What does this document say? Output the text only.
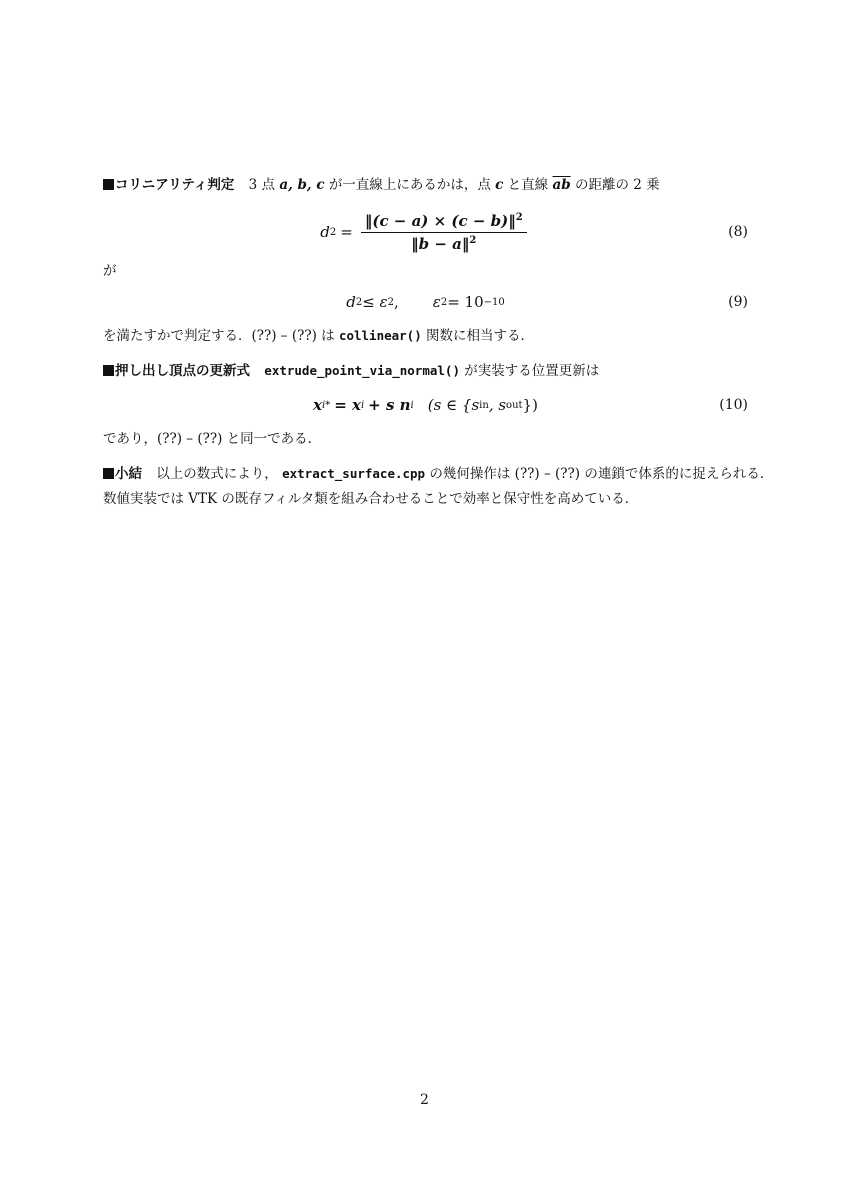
コリニアリティ判定 3 点 a, b, c が一直線上にあるかは，点 c と直線 $\overline{ab}$ の距離の 2 乗
d $2 = \frac{‖(c - a) \times (c - b)‖^2}{‖b - a‖^2}$	(8)
が
d 2 ≤ ε 2 , ε 2 = 10 −10	(9)
を満たすかで判定する．(??) – (??) は collinear() 関数に相当する．
押し出し頂点の更新式 extrude_point_via_normal() が実装する位置更新は
x i * = x i + s n i (s ∈ {s in , s out })	(10)
であり，(??) – (??) と同一である．
小結 以上の数式により， extract_surface.cpp の幾何操作は (??) – (??) の連鎖で体系的に捉えられる．
数値実装では VTK の既存フィルタ類を組み合わせることで効率と保守性を高めている．
2
